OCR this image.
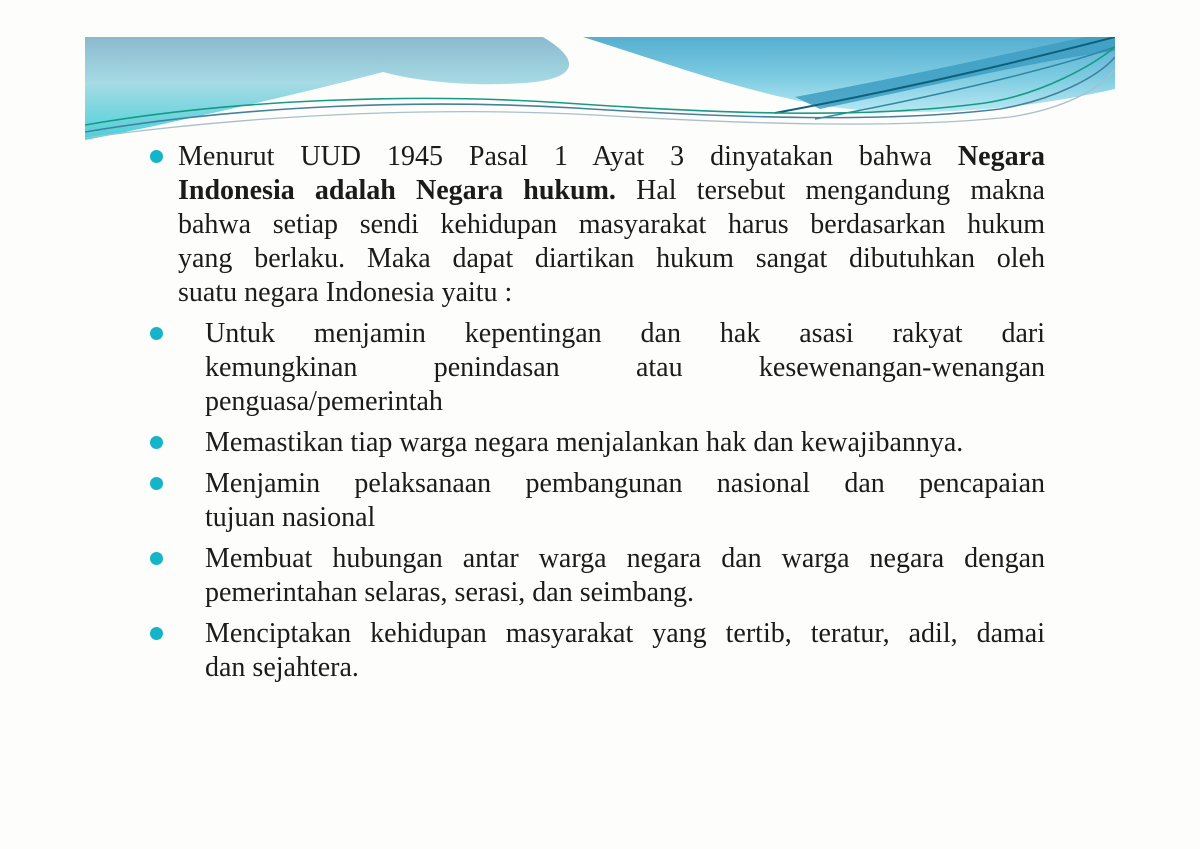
Menurut UUD 1945 Pasal 1 Ayat 3 dinyatakan bahwa Negara
Indonesia adalah Negara hukum. Hal tersebut mengandung makna
bahwa setiap sendi kehidupan masyarakat harus berdasarkan hukum
yang berlaku. Maka dapat diartikan hukum sangat dibutuhkan oleh
suatu negara Indonesia yaitu :
Untuk menjamin kepentingan dan hak asasi rakyat dari
kemungkinan penindasan atau kesewenangan-wenangan
penguasa/pemerintah
Memastikan tiap warga negara menjalankan hak dan kewajibannya.
Menjamin pelaksanaan pembangunan nasional dan pencapaian
tujuan nasional
Membuat hubungan antar warga negara dan warga negara dengan
pemerintahan selaras, serasi, dan seimbang.
Menciptakan kehidupan masyarakat yang tertib, teratur, adil, damai
dan sejahtera.
